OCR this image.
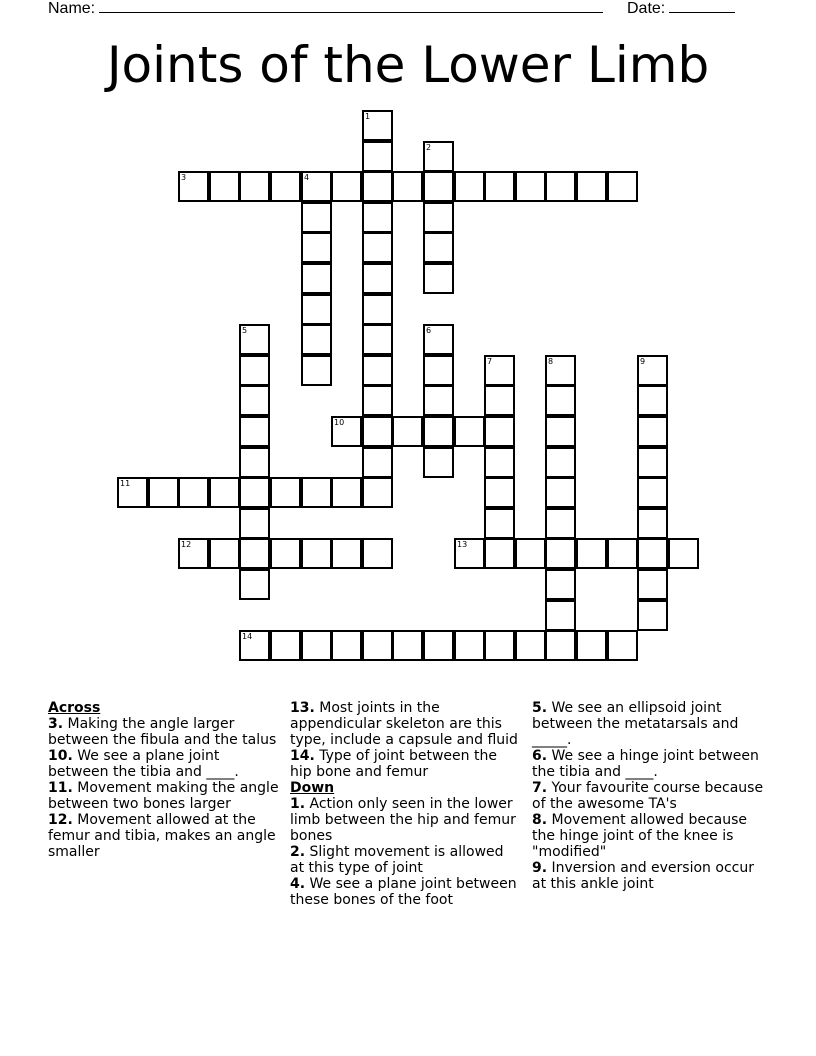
Name:	Date:
Joints of the Lower Limb
1
2
4
5	6
7	8	9
3
10
11
12	13
14
Across
3. Making the angle larger between the fibula and the talus
10. We see a plane joint between the tibia and ____.
11. Movement making the angle between two bones larger
12. Movement allowed at the femur and tibia, makes an angle smaller
13. Most joints in the appendicular skeleton are this type, include a capsule and fluid
14. Type of joint between the hip bone and femur
Down
1. Action only seen in the lower limb between the hip and femur bones
2. Slight movement is allowed at this type of joint
4. We see a plane joint between these bones of the foot
5. We see an ellipsoid joint between the metatarsals and _____.
6. We see a hinge joint between the tibia and ____.
7. Your favourite course because of the awesome TA's
8. Movement allowed because the hinge joint of the knee is "modified"
9. Inversion and eversion occur at this ankle joint
